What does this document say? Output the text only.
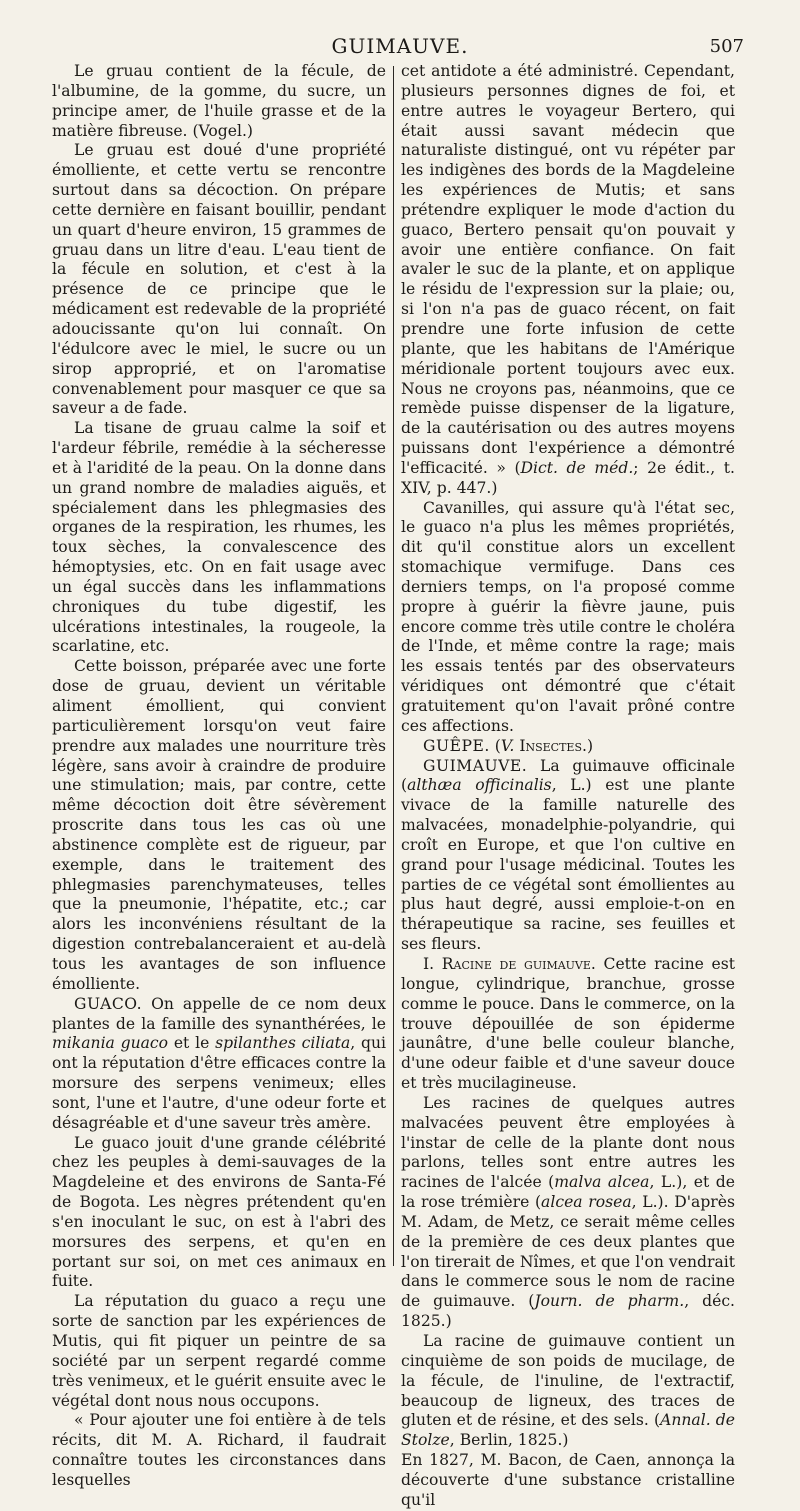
GUIMAUVE.	507

Le gruau contient de la fécule, de l'albumine, de la gomme, du sucre, un principe amer, de l'huile grasse et de la matière fibreuse. (Vogel.)

Le gruau est doué d'une propriété émolliente, et cette vertu se rencontre surtout dans sa décoction. On prépare cette dernière en faisant bouillir, pendant un quart d'heure environ, 15 grammes de gruau dans un litre d'eau. L'eau tient de la fécule en solution, et c'est à la présence de ce principe que le médicament est redevable de la propriété adoucissante qu'on lui connaît. On l'édulcore avec le miel, le sucre ou un sirop approprié, et on l'aromatise convenablement pour masquer ce que sa saveur a de fade.

La tisane de gruau calme la soif et l'ardeur fébrile, remédie à la sécheresse et à l'aridité de la peau. On la donne dans un grand nombre de maladies aiguës, et spécialement dans les phlegmasies des organes de la respiration, les rhumes, les toux sèches, la convalescence des hémoptysies, etc. On en fait usage avec un égal succès dans les inflammations chroniques du tube digestif, les ulcérations intestinales, la rougeole, la scarlatine, etc.

Cette boisson, préparée avec une forte dose de gruau, devient un véritable aliment émollient, qui convient particulièrement lorsqu'on veut faire prendre aux malades une nourriture très légère, sans avoir à craindre de produire une stimulation; mais, par contre, cette même décoction doit être sévèrement proscrite dans tous les cas où une abstinence complète est de rigueur, par exemple, dans le traitement des phlegmasies parenchymateuses, telles que la pneumonie, l'hépatite, etc.; car alors les inconvéniens résultant de la digestion contrebalanceraient et au-delà tous les avantages de son influence émolliente.

GUACO. On appelle de ce nom deux plantes de la famille des synanthérées, le mikania guaco et le spilanthes ciliata, qui ont la réputation d'être efficaces contre la morsure des serpens venimeux; elles sont, l'une et l'autre, d'une odeur forte et désagréable et d'une saveur très amère.

Le guaco jouit d'une grande célébrité chez les peuples à demi-sauvages de la Magdeleine et des environs de Santa-Fé de Bogota. Les nègres prétendent qu'en s'en inoculant le suc, on est à l'abri des morsures des serpens, et qu'en en portant sur soi, on met ces animaux en fuite.

La réputation du guaco a reçu une sorte de sanction par les expériences de Mutis, qui fit piquer un peintre de sa société par un serpent regardé comme très venimeux, et le guérit ensuite avec le végétal dont nous nous occupons.

« Pour ajouter une foi entière à de tels récits, dit M. A. Richard, il faudrait connaître toutes les circonstances dans lesquelles

cet antidote a été administré. Cependant, plusieurs personnes dignes de foi, et entre autres le voyageur Bertero, qui était aussi savant médecin que naturaliste distingué, ont vu répéter par les indigènes des bords de la Magdeleine les expériences de Mutis; et sans prétendre expliquer le mode d'action du guaco, Bertero pensait qu'on pouvait y avoir une entière confiance. On fait avaler le suc de la plante, et on applique le résidu de l'expression sur la plaie; ou, si l'on n'a pas de guaco récent, on fait prendre une forte infusion de cette plante, que les habitans de l'Amérique méridionale portent toujours avec eux. Nous ne croyons pas, néanmoins, que ce remède puisse dispenser de la ligature, de la cautérisation ou des autres moyens puissans dont l'expérience a démontré l'efficacité. » (Dict. de méd.; 2e édit., t. XIV, p. 447.)

Cavanilles, qui assure qu'à l'état sec, le guaco n'a plus les mêmes propriétés, dit qu'il constitue alors un excellent stomachique vermifuge. Dans ces derniers temps, on l'a proposé comme propre à guérir la fièvre jaune, puis encore comme très utile contre le choléra de l'Inde, et même contre la rage; mais les essais tentés par des observateurs véridiques ont démontré que c'était gratuitement qu'on l'avait prôné contre ces affections.

GUÊPE. (V. Insectes.)

GUIMAUVE. La guimauve officinale (althæa officinalis, L.) est une plante vivace de la famille naturelle des malvacées, monadelphie-polyandrie, qui croît en Europe, et que l'on cultive en grand pour l'usage médicinal. Toutes les parties de ce végétal sont émollientes au plus haut degré, aussi emploie-t-on en thérapeutique sa racine, ses feuilles et ses fleurs.

I. Racine de guimauve. Cette racine est longue, cylindrique, branchue, grosse comme le pouce. Dans le commerce, on la trouve dépouillée de son épiderme jaunâtre, d'une belle couleur blanche, d'une odeur faible et d'une saveur douce et très mucilagineuse.

Les racines de quelques autres malvacées peuvent être employées à l'instar de celle de la plante dont nous parlons, telles sont entre autres les racines de l'alcée (malva alcea, L.), et de la rose trémière (alcea rosea, L.). D'après M. Adam, de Metz, ce serait même celles de la première de ces deux plantes que l'on tirerait de Nîmes, et que l'on vendrait dans le commerce sous le nom de racine de guimauve. (Journ. de pharm., déc. 1825.)

La racine de guimauve contient un cinquième de son poids de mucilage, de la fécule, de l'inuline, de l'extractif, beaucoup de ligneux, des traces de gluten et de résine, et des sels. (Annal. de Stolze, Berlin, 1825.)

En 1827, M. Bacon, de Caen, annonça la découverte d'une substance cristalline qu'il
